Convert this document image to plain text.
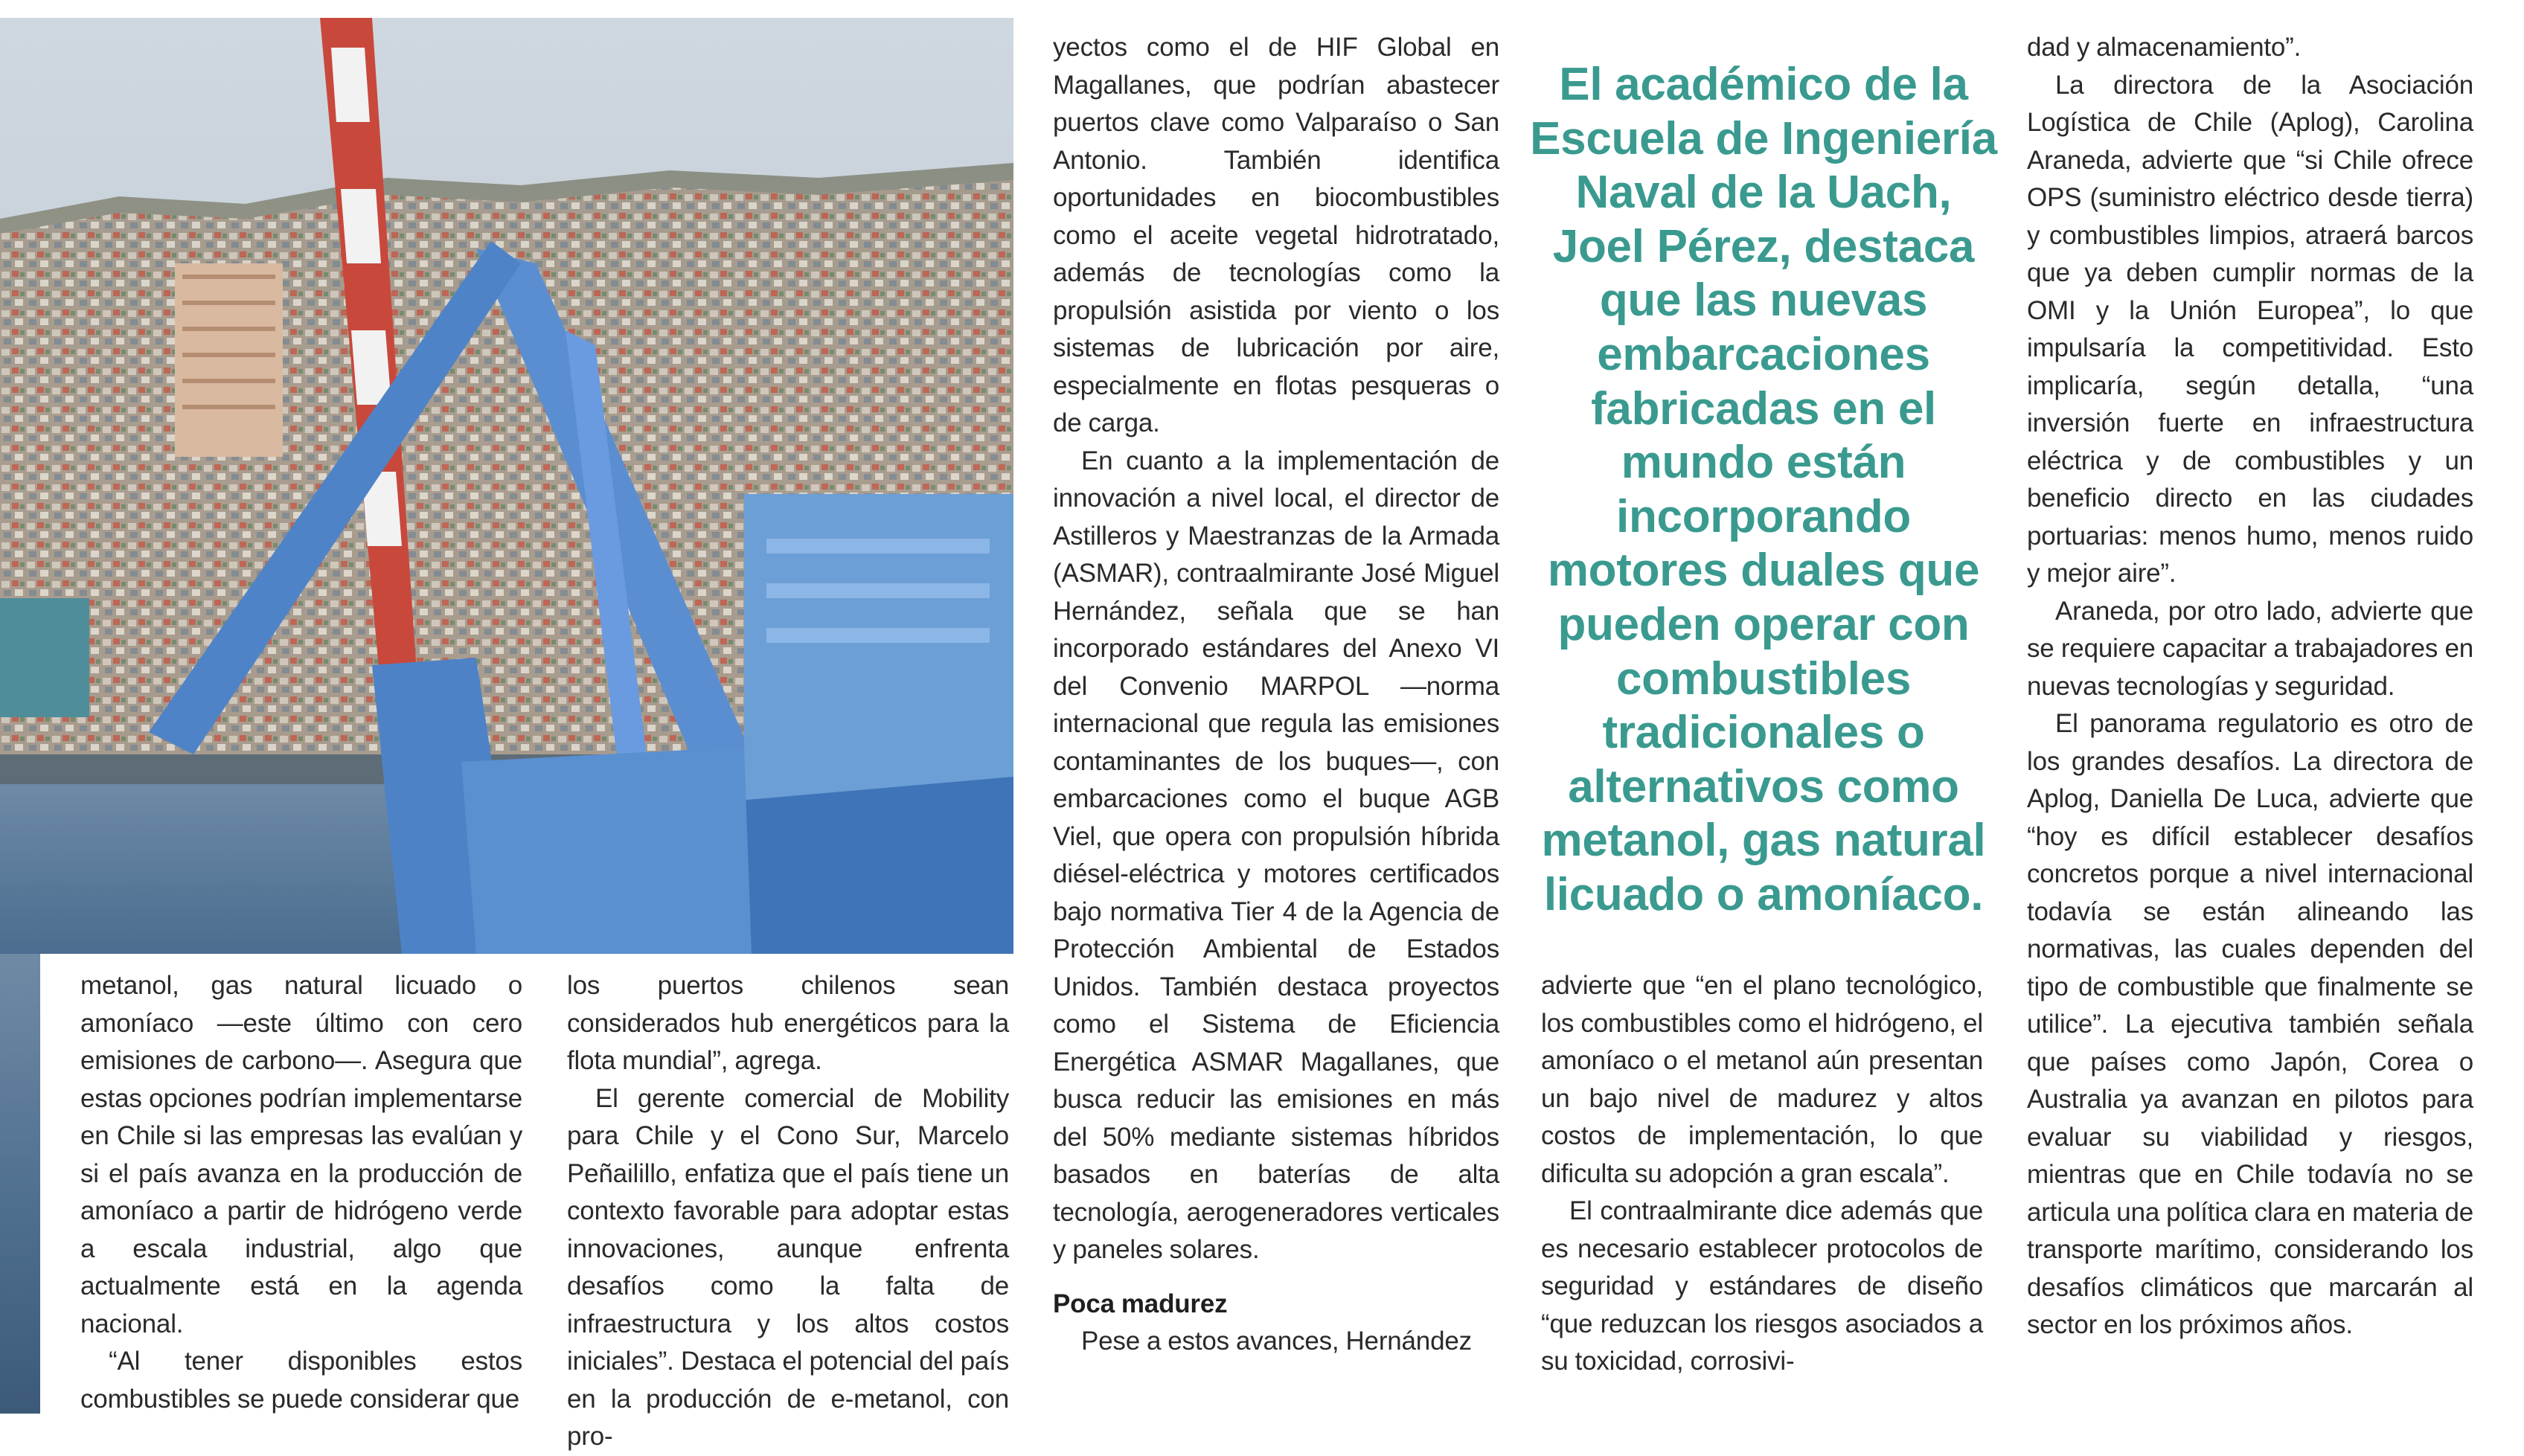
metanol, gas natural licuado o amoníaco —este último con cero emisiones de carbono—. Asegura que estas opciones podrían implementarse en Chile si las empresas las evalúan y si el país avanza en la producción de amoníaco a partir de hidrógeno verde a escala industrial, algo que actualmente está en la agenda nacional.

“Al tener disponibles estos combustibles se puede considerar que

los puertos chilenos sean considerados hub energéticos para la flota mundial”, agrega.

El gerente comercial de Mobility para Chile y el Cono Sur, Marcelo Peñailillo, enfatiza que el país tiene un contexto favorable para adoptar estas innovaciones, aunque enfrenta desafíos como la falta de infraestructura y los altos costos iniciales”. Destaca el potencial del país en la producción de e-metanol, con pro-

yectos como el de HIF Global en Magallanes, que podrían abastecer puertos clave como Valparaíso o San Antonio. También identifica oportunidades en biocombustibles como el aceite vegetal hidrotratado, además de tecnologías como la propulsión asistida por viento o los sistemas de lubricación por aire, especialmente en flotas pesqueras o de carga.

En cuanto a la implementación de innovación a nivel local, el director de Astilleros y Maestranzas de la Armada (ASMAR), contraalmirante José Miguel Hernández, señala que se han incorporado estándares del Anexo VI del Convenio MARPOL —norma internacional que regula las emisiones contaminantes de los buques—, con embarcaciones como el buque AGB Viel, que opera con propulsión híbrida diésel-eléctrica y motores certificados bajo normativa Tier 4 de la Agencia de Protección Ambiental de Estados Unidos. También destaca proyectos como el Sistema de Eficiencia Energética ASMAR Magallanes, que busca reducir las emisiones en más del 50% mediante sistemas híbridos basados en baterías de alta tecnología, aerogeneradores verticales y paneles solares.

Poca madurez

Pese a estos avances, Hernández

El académico de la Escuela de Ingeniería Naval de la Uach, Joel Pérez, destaca que las nuevas embarcaciones fabricadas en el mundo están incorporando motores duales que pueden operar con combustibles tradicionales o alternativos como metanol, gas natural licuado o amoníaco.

advierte que “en el plano tecnológico, los combustibles como el hidrógeno, el amoníaco o el metanol aún presentan un bajo nivel de madurez y altos costos de implementación, lo que dificulta su adopción a gran escala”.

El contraalmirante dice además que es necesario establecer protocolos de seguridad y estándares de diseño “que reduzcan los riesgos asociados a su toxicidad, corrosivi-

dad y almacenamiento”.

La directora de la Asociación Logística de Chile (Aplog), Carolina Araneda, advierte que “si Chile ofrece OPS (suministro eléctrico desde tierra) y combustibles limpios, atraerá barcos que ya deben cumplir normas de la OMI y la Unión Europea”, lo que impulsaría la competitividad. Esto implicaría, según detalla, “una inversión fuerte en infraestructura eléctrica y de combustibles y un beneficio directo en las ciudades portuarias: menos humo, menos ruido y mejor aire”.

Araneda, por otro lado, advierte que se requiere capacitar a trabajadores en nuevas tecnologías y seguridad.

El panorama regulatorio es otro de los grandes desafíos. La directora de Aplog, Daniella De Luca, advierte que “hoy es difícil establecer desafíos concretos porque a nivel internacional todavía se están alineando las normativas, las cuales dependen del tipo de combustible que finalmente se utilice”. La ejecutiva también señala que países como Japón, Corea o Australia ya avanzan en pilotos para evaluar su viabilidad y riesgos, mientras que en Chile todavía no se articula una política clara en materia de transporte marítimo, considerando los desafíos climáticos que marcarán al sector en los próximos años.
